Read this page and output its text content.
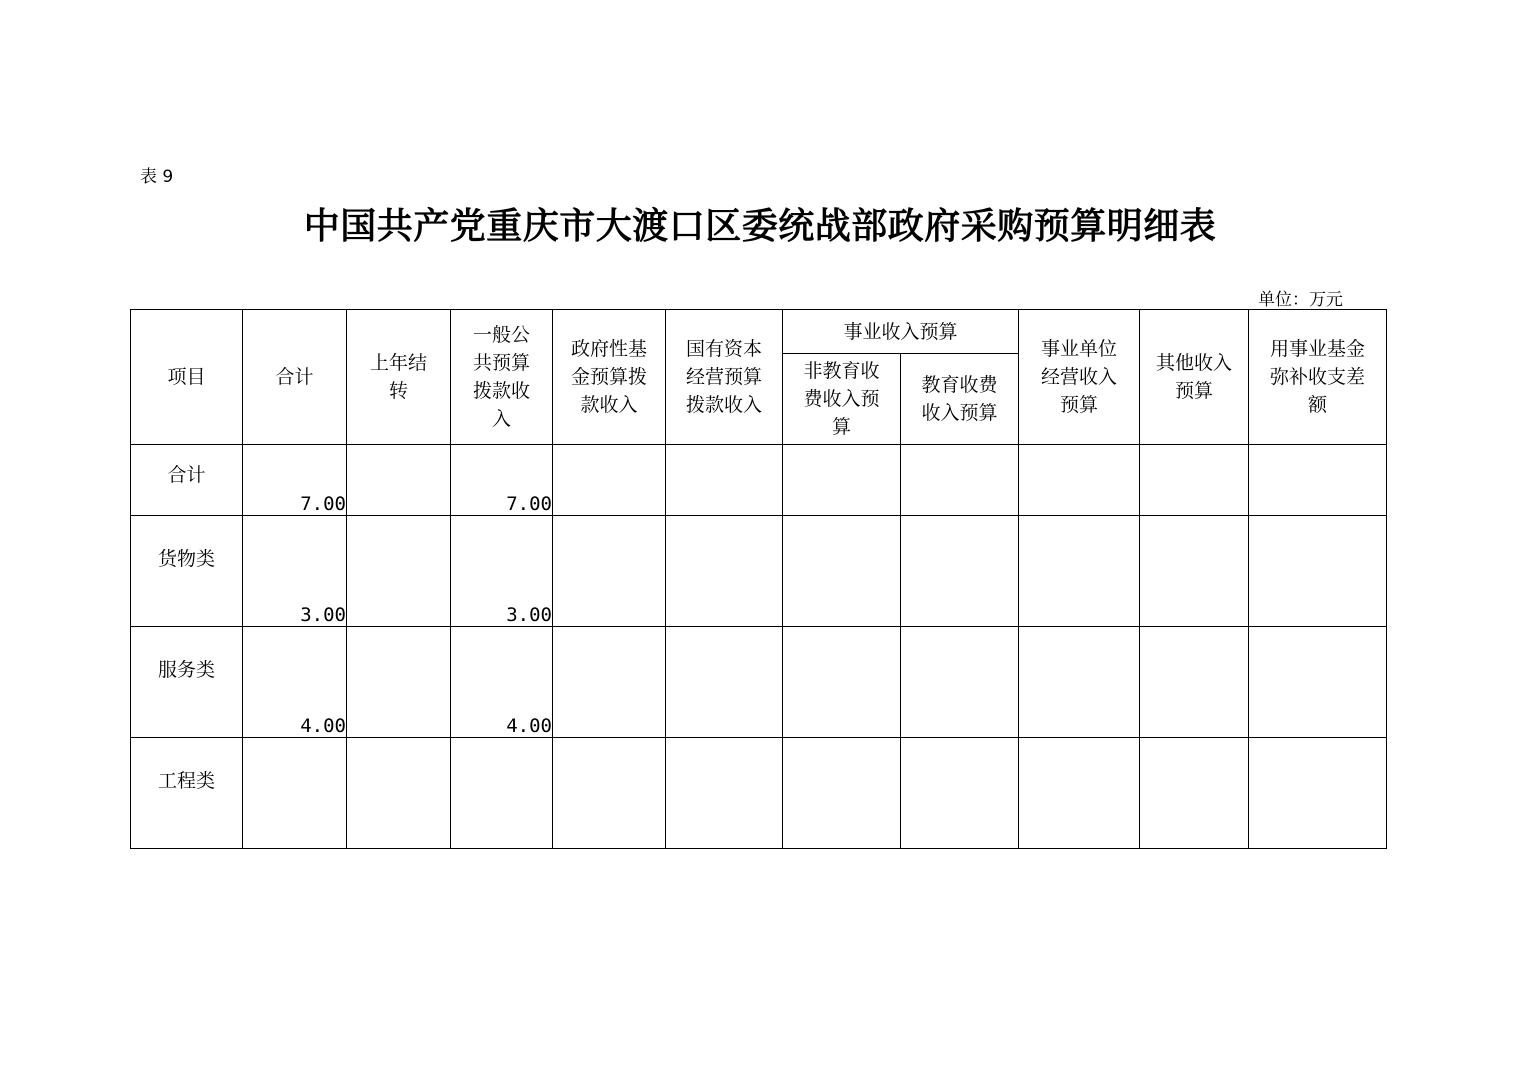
表 9
中国共产党重庆市大渡口区委统战部政府采购预算明细表
单位：万元
项目	合计	上年结转	一般公共预算拨款收入	政府性基金预算拨款收入	国有资本经营预算拨款收入	事业收入预算		事业单位经营收入预算	其他收入预算	用事业基金弥补收支差额

						非教育收费收入预算	教育收费收入预算			

合计	7.00		7.00							
货物类	3.00		3.00							
服务类	4.00		4.00							
工程类										
